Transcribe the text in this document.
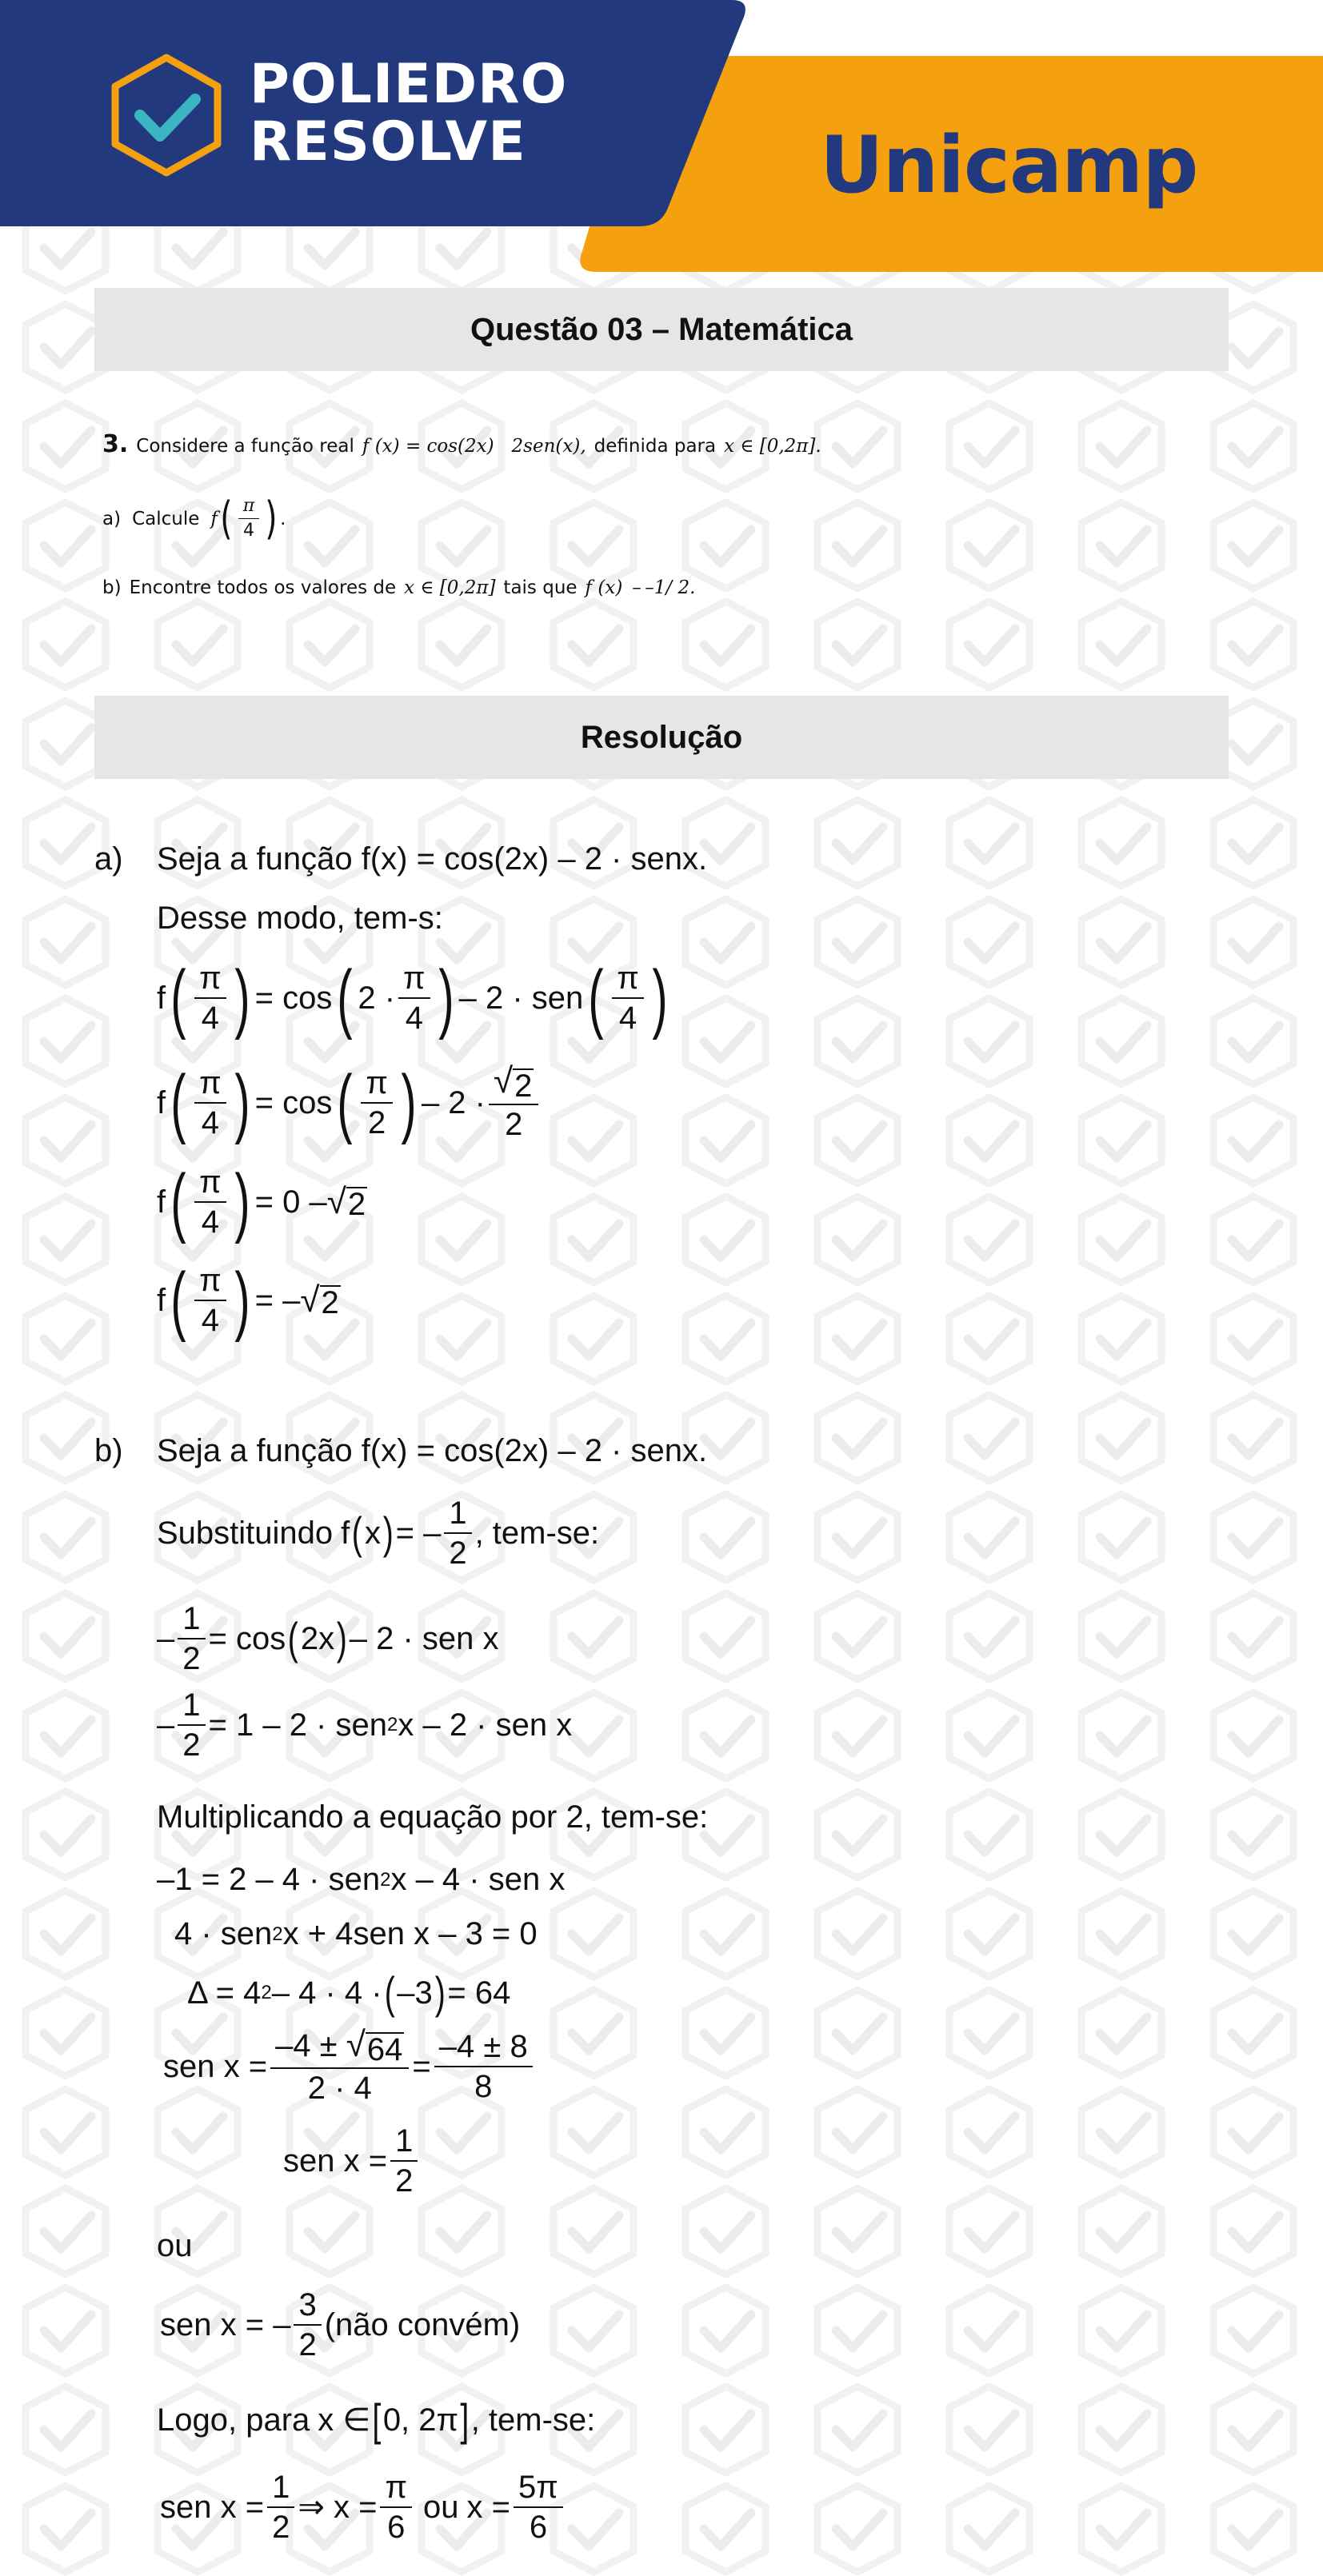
POLIEDRO
RESOLVE	Unicamp
Questão 03 – Matemática
3. Considere a função real f (x) = cos(2x)   2sen(x), definida para x ∈ [0,2π].
a) Calcule f ( $\frac{\pi}{4}$ ) .
b) Encontre todos os valores de x ∈ [0,2π] tais que f (x)  – –1/ 2.
Resolução
a) Seja a função f(x) = cos(2x) – 2 · senx.
Desse modo, tem-s:
f ( $\frac{\pi}{4}$ ) = cos ( $2 \cdot \frac{\pi}{4}$ ) – 2 · sen ( $\frac{\pi}{4}$ )
f ( $\frac{\pi}{4}$ ) = cos ( $\frac{\pi}{2}$ ) – $2 \cdot \frac{√ 2}{2}$
f ( $\frac{\pi}{4}$ ) = 0 – √ 2
f ( $\frac{\pi}{4}$ ) = – √ 2
b) Seja a função f(x) = cos(2x) – 2 · senx.
Substituindo f ( x ) = – $\frac{1}{2}$ , tem-se:
– $\frac{1}{2} = \cos$ ( 2x ) – 2 · sen x
– $\frac{1}{2} = 1 - 2$ · sen 2 x – 2 · sen x
Multiplicando a equação por 2, tem-se:
–1 = 2 – 4 · sen 2 x – 4 · sen x
4 · sen 2 x + 4sen x – 3 = 0
Δ = 4 2 – 4 · 4 · ( –3 ) = 64
sen $x = \frac{-4 \pm √ 64}{2 \cdot 4} = \frac{-4 \pm 8}{8}$
sen $x = \frac{1}{2}$
ou
sen x = – $\frac{3}{2}$ (não convém)
Logo, para x ∈ [ 0, 2π ] , tem-se:
sen $x = \frac{1}{2}$ ⇒ $x = \frac{\pi}{6}$ ou $x = \frac{5\pi}{6}$
